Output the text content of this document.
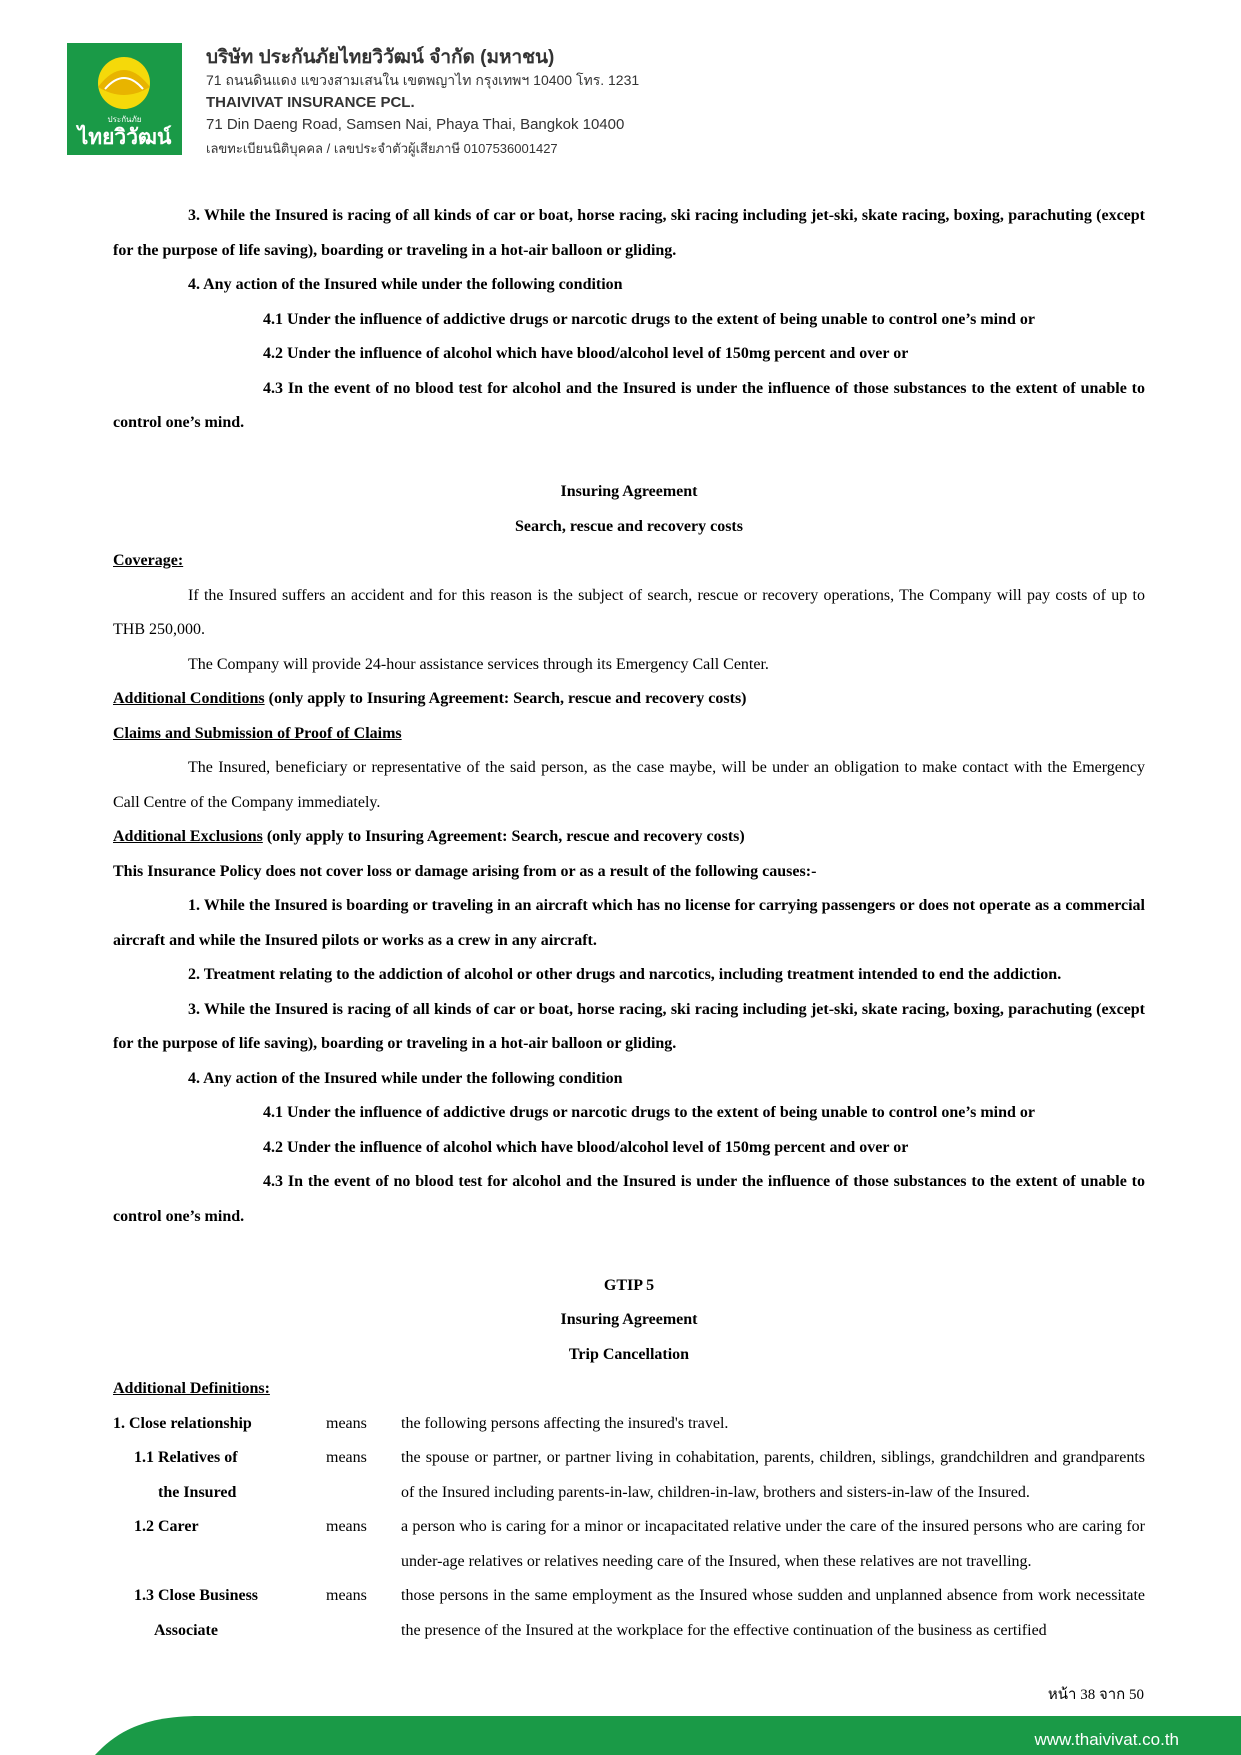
ประกันภัย
ไทยวิวัฒน์
บริษัท ประกันภัยไทยวิวัฒน์ จำกัด (มหาชน)
71 ถนนดินแดง แขวงสามเสนใน เขตพญาไท กรุงเทพฯ 10400 โทร. 1231
THAIVIVAT INSURANCE PCL.
71 Din Daeng Road, Samsen Nai, Phaya Thai, Bangkok 10400
เลขทะเบียนนิติบุคคล / เลขประจำตัวผู้เสียภาษี 0107536001427

3. While the Insured is racing of all kinds of car or boat, horse racing, ski racing including jet-ski, skate racing, boxing, parachuting (except for the purpose of life saving), boarding or traveling in a hot-air balloon or gliding.

4. Any action of the Insured while under the following condition

4.1 Under the influence of addictive drugs or narcotic drugs to the extent of being unable to control one’s mind or

4.2 Under the influence of alcohol which have blood/alcohol level of 150mg percent and over or

4.3 In the event of no blood test for alcohol and the Insured is under the influence of those substances to the extent of unable to control one’s mind.

Insuring Agreement

Search, rescue and recovery costs

Coverage:

If the Insured suffers an accident and for this reason is the subject of search, rescue or recovery operations, The Company will pay costs of up to THB 250,000.

The Company will provide 24-hour assistance services through its Emergency Call Center.

Additional Conditions (only apply to Insuring Agreement: Search, rescue and recovery costs)

Claims and Submission of Proof of Claims

The Insured, beneficiary or representative of the said person, as the case maybe, will be under an obligation to make contact with the Emergency Call Centre of the Company immediately.

Additional Exclusions (only apply to Insuring Agreement: Search, rescue and recovery costs)

This Insurance Policy does not cover loss or damage arising from or as a result of the following causes:-

1. While the Insured is boarding or traveling in an aircraft which has no license for carrying passengers or does not operate as a commercial aircraft and while the Insured pilots or works as a crew in any aircraft.

2. Treatment relating to the addiction of alcohol or other drugs and narcotics, including treatment intended to end the addiction.

3. While the Insured is racing of all kinds of car or boat, horse racing, ski racing including jet-ski, skate racing, boxing, parachuting (except for the purpose of life saving), boarding or traveling in a hot-air balloon or gliding.

4. Any action of the Insured while under the following condition

4.1 Under the influence of addictive drugs or narcotic drugs to the extent of being unable to control one’s mind or

4.2 Under the influence of alcohol which have blood/alcohol level of 150mg percent and over or

4.3 In the event of no blood test for alcohol and the Insured is under the influence of those substances to the extent of unable to control one’s mind.

GTIP 5

Insuring Agreement

Trip Cancellation

Additional Definitions:

1. Close relationship	means	the following persons affecting the insured's travel.
1.1 Relatives of
the Insured
means	the spouse or partner, or partner living in cohabitation, parents, children, siblings, grandchildren and grandparents of the Insured including parents-in-law, children-in-law, brothers and sisters-in-law of the Insured.
1.2 Carer	means	a person who is caring for a minor or incapacitated relative under the care of the insured persons who are caring for under-age relatives or relatives needing care of the Insured, when these relatives are not travelling.
1.3 Close Business
Associate
means	those persons in the same employment as the Insured whose sudden and unplanned absence from work necessitate the presence of the Insured at the workplace for the effective continuation of the business as certified
หน้า 38 จาก 50
www.thaivivat.co.th
